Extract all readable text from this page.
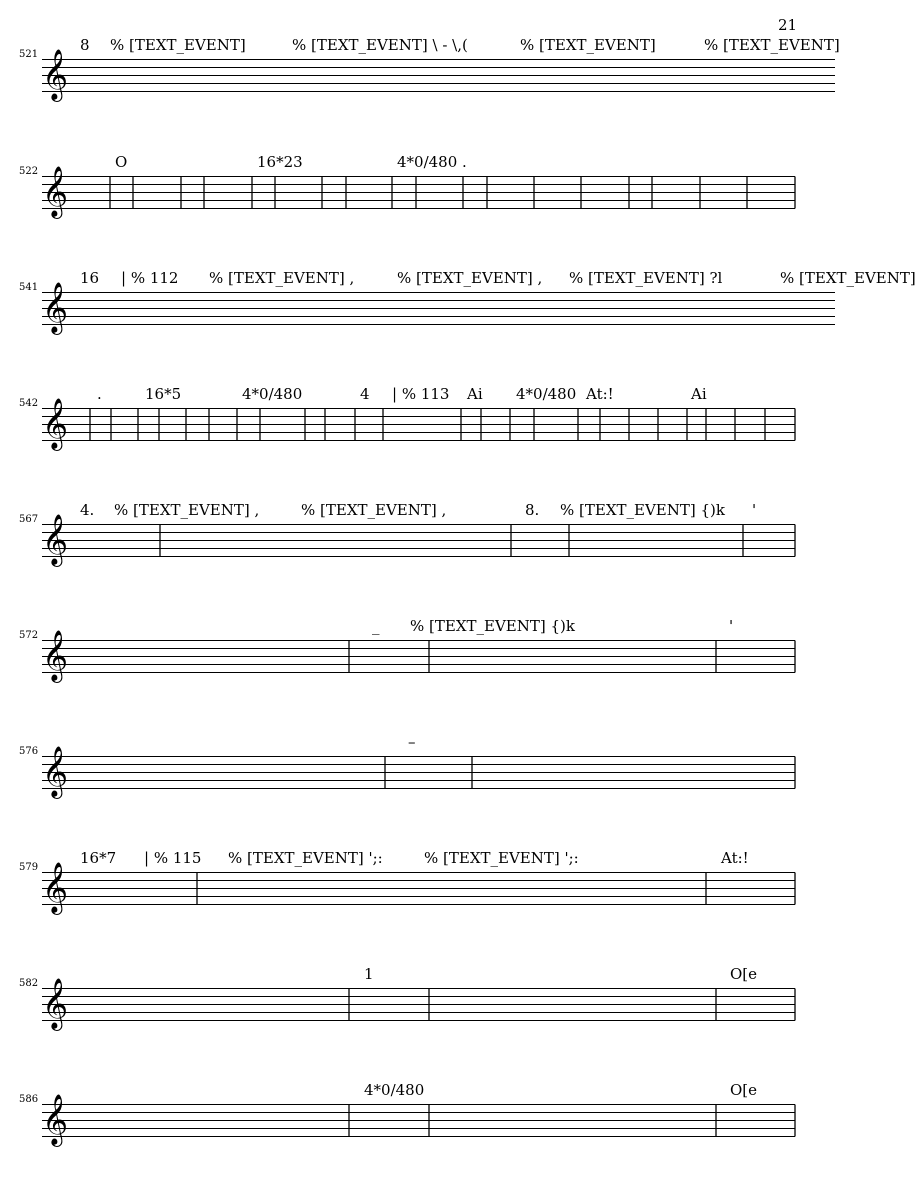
21
521 𝄞
8 % [TEXT_EVENT]	% [TEXT_EVENT] \ - \,(	% [TEXT_EVENT]	% [TEXT_EVENT]
522 𝄞
O	16*23	4*0/480 .
541 𝄞
16 | % 112 % [TEXT_EVENT] ,	% [TEXT_EVENT] , % [TEXT_EVENT] ?l	% [TEXT_EVENT]
542 𝄞
.	16*5	4*0/480	4 | % 113 Ai 4*0/480 At:!	Ai
567 𝄞
4. % [TEXT_EVENT] ,	% [TEXT_EVENT] ,	8. % [TEXT_EVENT] {)k '
572 𝄞
_ % [TEXT_EVENT] {)k	'
576 𝄞
–
579 𝄞
16*7 | % 115 % [TEXT_EVENT] ';:	% [TEXT_EVENT] ';:	At:!
582 𝄞
1	O[e
586 𝄞
4*0/480	O[e
